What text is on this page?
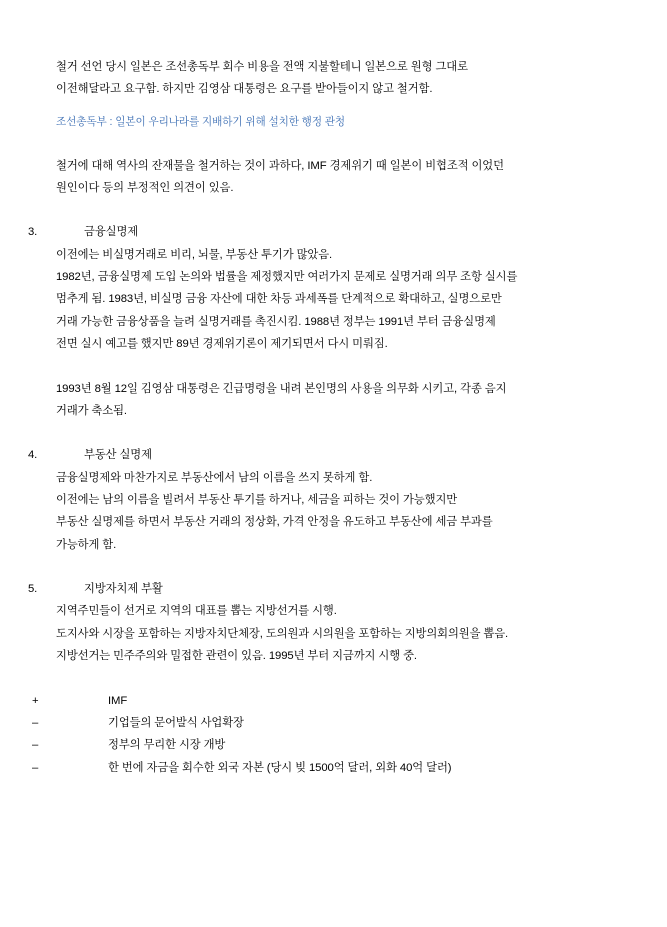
철거 선언 당시 일본은 조선총독부 회수 비용을 전액 지불할테니 일본으로 원형 그대로
이전해달라고 요구함. 하지만 김영삼 대통령은 요구를 받아들이지 않고 철거함.
조선총독부 : 일본이 우리나라를 지배하기 위해 설치한 행정 관청
철거에 대해 역사의 잔재물을 철거하는 것이 과하다, IMF 경제위기 때 일본이 비협조적 이었던
원인이다 등의 부정적인 의견이 있음.
3.	금융실명제
이전에는 비실명거래로 비리, 뇌물, 부동산 투기가 많았음.
1982년, 금융실명제 도입 논의와 법률을 제정했지만 여러가지 문제로 실명거래 의무 조항 실시를
멈추게 됨. 1983년, 비실명 금융 자산에 대한 차등 과세폭를 단계적으로 확대하고, 실명으로만
거래 가능한 금융상품을 늘려 실명거래를 촉진시킴. 1988년 정부는 1991년 부터 금융실명제
전면 실시 예고를 했지만 89년 경제위기론이 제기되면서 다시 미뤄짐.
1993년 8월 12일 김영삼 대통령은 긴급명령을 내려 본인명의 사용을 의무화 시키고, 각종 음지
거래가 축소됨.
4.	부동산 실명제
금융실명제와 마찬가지로 부동산에서 남의 이름을 쓰지 못하게 함.
이전에는 남의 이름을 빌려서 부동산 투기를 하거나, 세금을 피하는 것이 가능했지만
부동산 실명제를 하면서 부동산 거래의 정상화, 가격 안정을 유도하고 부동산에 세금 부과를
가능하게 함.
5.	지방자치제 부활
지역주민들이 선거로 지역의 대표를 뽑는 지방선거를 시행.
도지사와 시장을 포함하는 지방자치단체장, 도의원과 시의원을 포함하는 지방의회의원을 뽑음.
지방선거는 민주주의와 밀접한 관련이 있음. 1995년 부터 지금까지 시행 중.
+	IMF
–	기업들의 문어발식 사업확장
–	정부의 무리한 시장 개방
–	한 번에 자금을 회수한 외국 자본 (당시 빚 1500억 달러, 외화 40억 달러)
